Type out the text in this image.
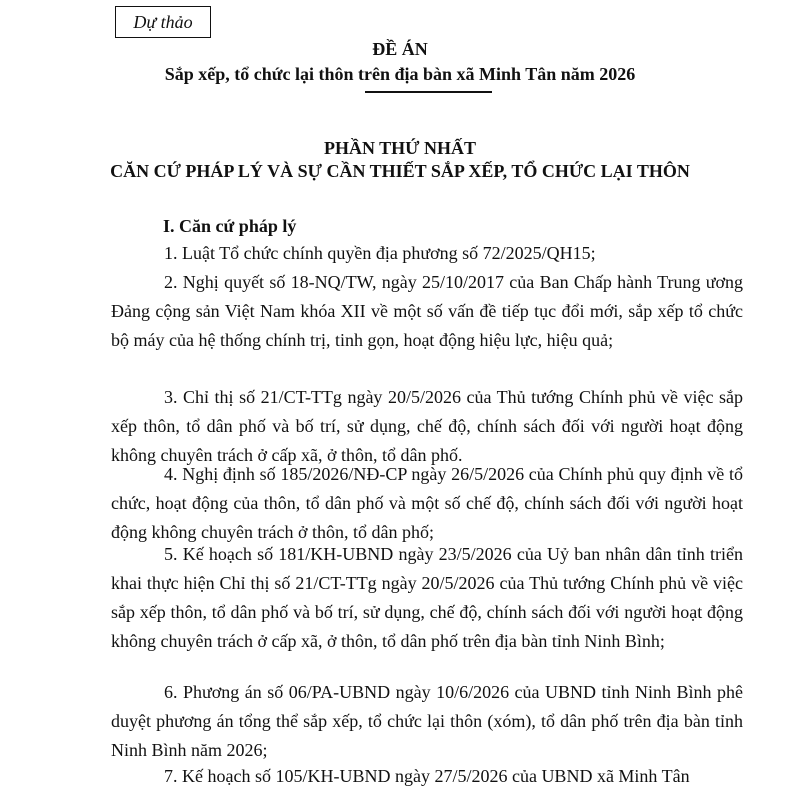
Dự thảo
ĐỀ ÁN
Sắp xếp, tổ chức lại thôn trên địa bàn xã Minh Tân năm 2026
PHẦN THỨ NHẤT
CĂN CỨ PHÁP LÝ VÀ SỰ CẦN THIẾT SẮP XẾP, TỔ CHỨC LẠI THÔN
I. Căn cứ pháp lý
1. Luật Tổ chức chính quyền địa phương số 72/2025/QH15;
2. Nghị quyết số 18-NQ/TW, ngày 25/10/2017 của Ban Chấp hành Trung ương Đảng cộng sản Việt Nam khóa XII về một số vấn đề tiếp tục đổi mới, sắp xếp tổ chức bộ máy của hệ thống chính trị, tinh gọn, hoạt động hiệu lực, hiệu quả;
3. Chỉ thị số 21/CT-TTg ngày 20/5/2026 của Thủ tướng Chính phủ về việc sắp xếp thôn, tổ dân phố và bố trí, sử dụng, chế độ, chính sách đối với người hoạt động không chuyên trách ở cấp xã, ở thôn, tổ dân phố.
4. Nghị định số 185/2026/NĐ-CP ngày 26/5/2026 của Chính phủ quy định về tổ chức, hoạt động của thôn, tổ dân phố và một số chế độ, chính sách đối với người hoạt động không chuyên trách ở thôn, tổ dân phố;
5. Kế hoạch số 181/KH-UBND ngày 23/5/2026 của Uỷ ban nhân dân tỉnh triển khai thực hiện Chỉ thị số 21/CT-TTg ngày 20/5/2026 của Thủ tướng Chính phủ về việc sắp xếp thôn, tổ dân phố và bố trí, sử dụng, chế độ, chính sách đối với người hoạt động không chuyên trách ở cấp xã, ở thôn, tổ dân phố trên địa bàn tỉnh Ninh Bình;
6. Phương án số 06/PA-UBND ngày 10/6/2026 của UBND tỉnh Ninh Bình phê duyệt phương án tổng thể sắp xếp, tổ chức lại thôn (xóm), tổ dân phố trên địa bàn tỉnh Ninh Bình năm 2026;
7. Kế hoạch số 105/KH-UBND ngày 27/5/2026 của UBND xã Minh Tân
